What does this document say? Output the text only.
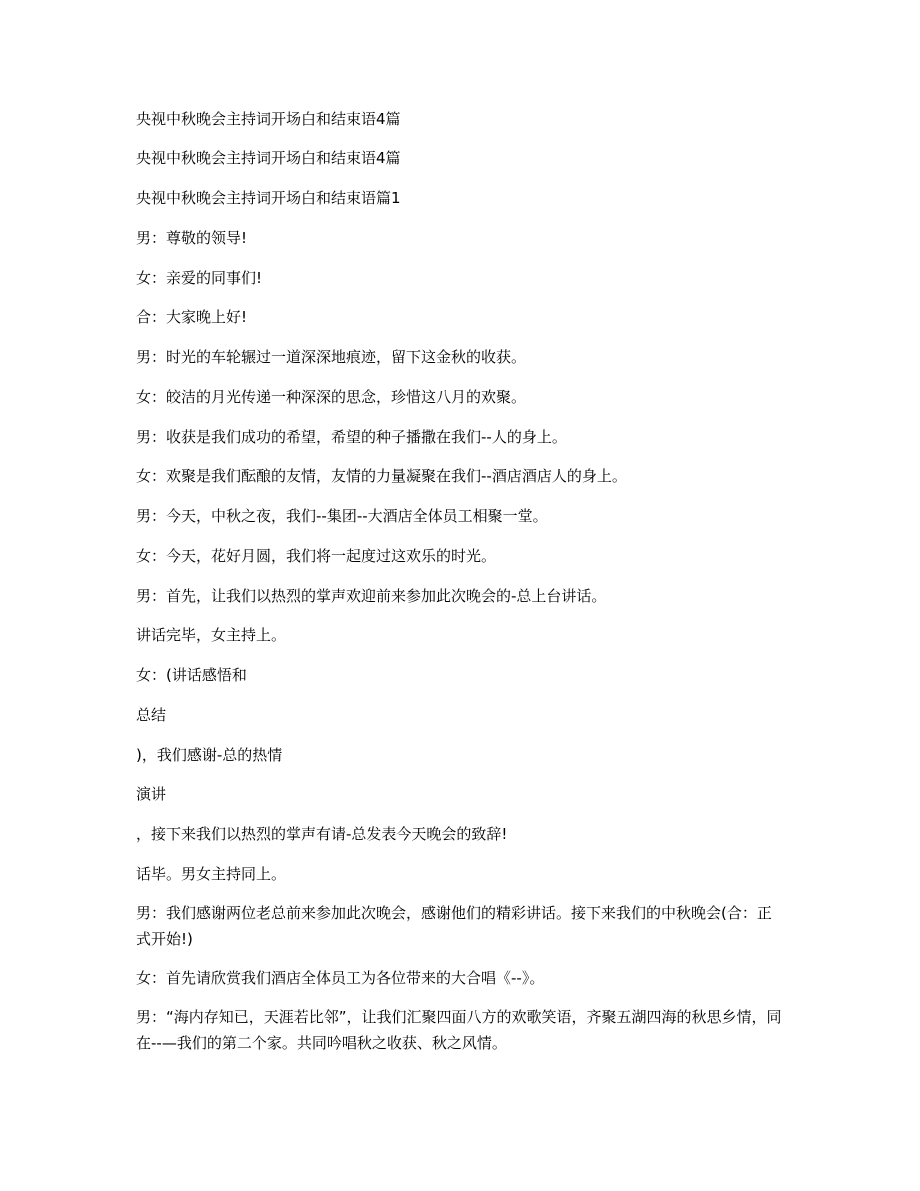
央视中秋晚会主持词开场白和结束语4篇

央视中秋晚会主持词开场白和结束语4篇

央视中秋晚会主持词开场白和结束语篇1

男：尊敬的领导!

女：亲爱的同事们!

合：大家晚上好!

男：时光的车轮辗过一道深深地痕迹，留下这金秋的收获。

女：皎洁的月光传递一种深深的思念，珍惜这八月的欢聚。

男：收获是我们成功的希望，希望的种子播撒在我们--人的身上。

女：欢聚是我们酝酿的友情，友情的力量凝聚在我们--酒店酒店人的身上。

男：今天，中秋之夜，我们--集团--大酒店全体员工相聚一堂。

女：今天，花好月圆，我们将一起度过这欢乐的时光。

男：首先，让我们以热烈的掌声欢迎前来参加此次晚会的-总上台讲话。

讲话完毕，女主持上。

女：(讲话感悟和

总结

)，我们感谢-总的热情

演讲

，接下来我们以热烈的掌声有请-总发表今天晚会的致辞!

话毕。男女主持同上。

男：我们感谢两位老总前来参加此次晚会，感谢他们的精彩讲话。接下来我们的中秋晚会(合：正式开始!)

女：首先请欣赏我们酒店全体员工为各位带来的大合唱《--》。

男：“海内存知已，天涯若比邻”，让我们汇聚四面八方的欢歌笑语，齐聚五湖四海的秋思乡情，同在--—我们的第二个家。共同吟唱秋之收获、秋之风情。
